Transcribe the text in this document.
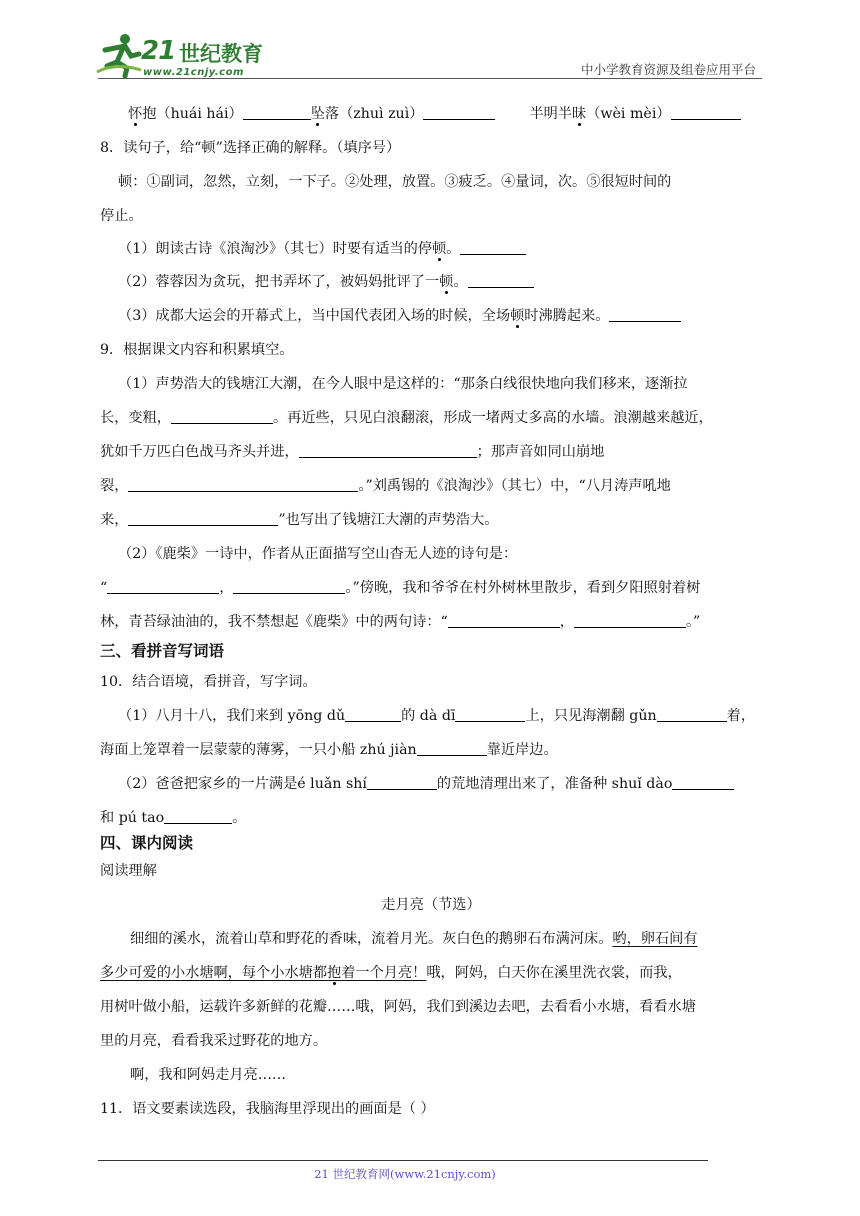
21 世纪教育
www.21cnjy.com	中小学教育资源及组卷应用平台
怀抱（huái hái）	坠落（zhuì zuì）	半明半昧（wèi mèi）
8．读句子，给“顿”选择正确的解释。（填序号）
顿：①副词，忽然，立刻，一下子。②处理，放置。③疲乏。④量词，次。⑤很短时间的
停止。
（1）朗读古诗《浪淘沙》（其七）时要有适当的停顿。
（2）蓉蓉因为贪玩，把书弄坏了，被妈妈批评了一顿。
（3）成都大运会的开幕式上，当中国代表团入场的时候，全场顿时沸腾起来。
9．根据课文内容和积累填空。
（1）声势浩大的钱塘江大潮，在今人眼中是这样的：“那条白线很快地向我们移来，逐渐拉
长，变粗，	。再近些，只见白浪翻滚，形成一堵两丈多高的水墙。浪潮越来越近，
犹如千万匹白色战马齐头并进，	；那声音如同山崩地
裂，	。”刘禹锡的《浪淘沙》（其七）中，“八月涛声吼地
来，	”也写出了钱塘江大潮的声势浩大。
（2）《鹿柴》一诗中，作者从正面描写空山杳无人迹的诗句是：
“	，	。”傍晚，我和爷爷在村外树林里散步，看到夕阳照射着树
林，青苔绿油油的，我不禁想起《鹿柴》中的两句诗：“	，	。”
三、看拼音写词语
10．结合语境，看拼音，写字词。
（1）八月十八，我们来到 yōng dǔ	的 dà dī	上，只见海潮翻 gǔn	着，
海面上笼罩着一层蒙蒙的薄雾，一只小船 zhú jiàn	靠近岸边。
（2）爸爸把家乡的一片满是é luǎn shí	的荒地清理出来了，准备种 shuǐ dào
和 pú tao	。
四、课内阅读
阅读理解
走月亮（节选）
细细的溪水，流着山草和野花的香味，流着月光。灰白色的鹅卵石布满河床。哟，卵石间有
多少可爱的小水塘啊，每个小水塘都抱着一个月亮！哦，阿妈，白天你在溪里洗衣裳，而我，
用树叶做小船，运载许多新鲜的花瓣……哦，阿妈，我们到溪边去吧，去看看小水塘，看看水塘
里的月亮，看看我采过野花的地方。
啊，我和阿妈走月亮……
11．语文要素读选段，我脑海里浮现出的画面是（ ）
21 世纪教育网(www.21cnjy.com)
